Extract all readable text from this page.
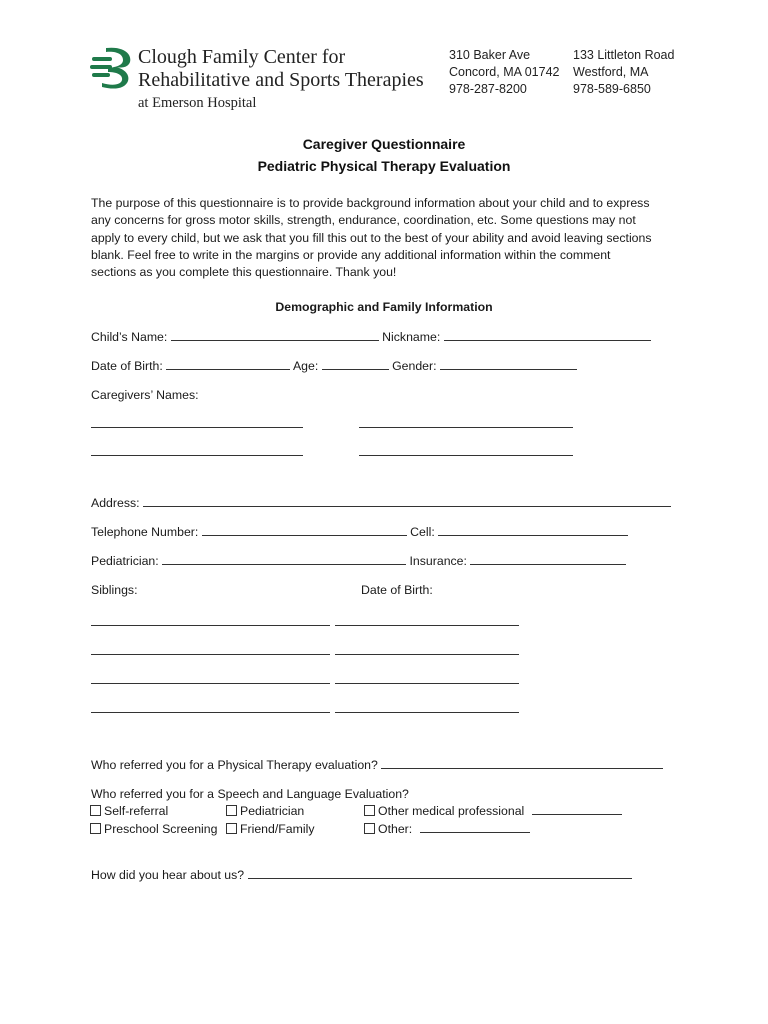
Clough Family Center for
Rehabilitative and Sports Therapies
at Emerson Hospital
310 Baker Ave
Concord, MA 01742
978-287-8200
133 Littleton Road
Westford, MA
978-589-6850
Caregiver Questionnaire
Pediatric Physical Therapy Evaluation
The purpose of this questionnaire is to provide background information about your child and to express
any concerns for gross motor skills, strength, endurance, coordination, etc. Some questions may not
apply to every child, but we ask that you fill this out to the best of your ability and avoid leaving sections
blank. Feel free to write in the margins or provide any additional information within the comment
sections as you complete this questionnaire. Thank you!
Demographic and Family Information
Child’s Name:	Nickname:
Date of Birth:	Age:	Gender:
Caregivers’ Names:
Address:
Telephone Number:	Cell:
Pediatrician:	Insurance:
Siblings:	Date of Birth:
Who referred you for a Physical Therapy evaluation?
Who referred you for a Speech and Language Evaluation?
Self-referral	Pediatrician	Other medical professional
Preschool Screening	Friend/Family	Other:
How did you hear about us?
